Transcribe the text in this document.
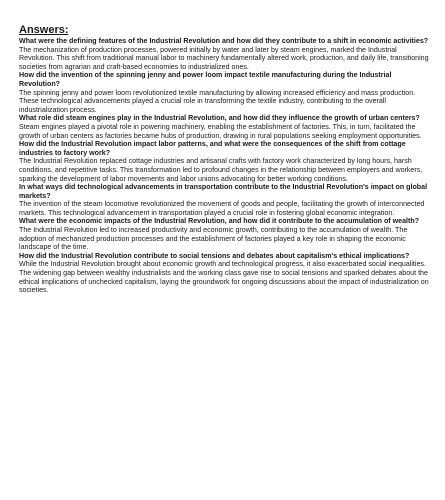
Answers:

What were the defining features of the Industrial Revolution and how did they contribute to a shift in economic activities?

The mechanization of production processes, powered initially by water and later by steam engines, marked the Industrial Revolution. This shift from traditional manual labor to machinery fundamentally altered work, production, and daily life, transitioning societies from agrarian and craft-based economies to industrialized ones.

How did the invention of the spinning jenny and power loom impact textile manufacturing during the Industrial Revolution?

The spinning jenny and power loom revolutionized textile manufacturing by allowing increased efficiency and mass production. These technological advancements played a crucial role in transforming the textile industry, contributing to the overall industrialization process.

What role did steam engines play in the Industrial Revolution, and how did they influence the growth of urban centers?

Steam engines played a pivotal role in powering machinery, enabling the establishment of factories. This, in turn, facilitated the growth of urban centers as factories became hubs of production, drawing in rural populations seeking employment opportunities.

How did the Industrial Revolution impact labor patterns, and what were the consequences of the shift from cottage industries to factory work?

The Industrial Revolution replaced cottage industries and artisanal crafts with factory work characterized by long hours, harsh conditions, and repetitive tasks. This transformation led to profound changes in the relationship between employers and workers, sparking the development of labor movements and labor unions advocating for better working conditions.

In what ways did technological advancements in transportation contribute to the Industrial Revolution's impact on global markets?

The invention of the steam locomotive revolutionized the movement of goods and people, facilitating the growth of interconnected markets. This technological advancement in transportation played a crucial role in fostering global economic integration.

What were the economic impacts of the Industrial Revolution, and how did it contribute to the accumulation of wealth?

The Industrial Revolution led to increased productivity and economic growth, contributing to the accumulation of wealth. The adoption of mechanized production processes and the establishment of factories played a key role in shaping the economic landscape of the time.

How did the Industrial Revolution contribute to social tensions and debates about capitalism's ethical implications?

While the Industrial Revolution brought about economic growth and technological progress, it also exacerbated social inequalities. The widening gap between wealthy industrialists and the working class gave rise to social tensions and sparked debates about the ethical implications of unchecked capitalism, laying the groundwork for ongoing discussions about the impact of industrialization on societies.
